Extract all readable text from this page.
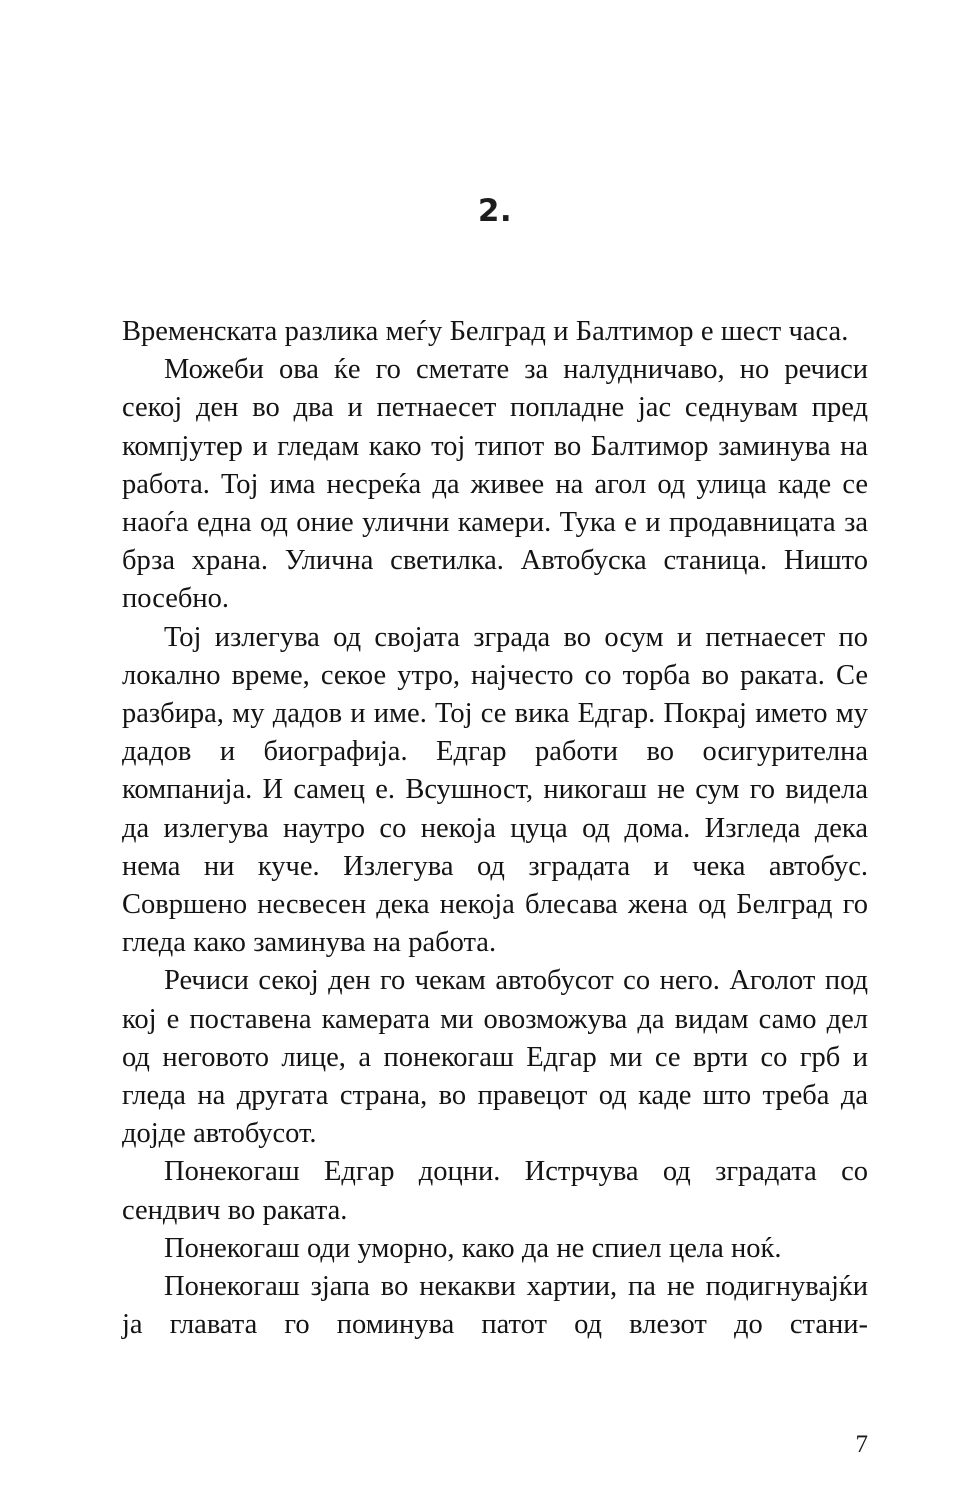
2.

Временската разлика меѓу Белград и Балтимор е шест часа.

Можеби ова ќе го сметате за налудничаво, но речиси секој ден во два и петнаесет попладне јас седнувам пред компјутер и гледам како тој типот во Балтимор заминува на работа. Тој има несреќа да живее на агол од улица каде се наоѓа една од оние улични камери. Тука е и продавницата за брза храна. Улична светилка. Автобуска станица. Ништо посебно.

Тој излегува од својата зграда во осум и петнаесет по локално време, секое утро, најчесто со торба во раката. Се разбира, му дадов и име. Тој се вика Едгар. Покрај името му дадов и биографија. Едгар работи во осигурителна компанија. И самец е. Всушност, никогаш не сум го видела да излегува наутро со некоја цуца од дома. Изгледа дека нема ни куче. Излегува од зградата и чека автобус. Совршено несвесен дека некоја блесава жена од Белград го гледа како заминува на работа.

Речиси секој ден го чекам автобусот со него. Аголот под кој е поставена камерата ми овозможува да видам само дел од неговото лице, а понекогаш Едгар ми се врти со грб и гледа на другата страна, во правецот од каде што треба да дојде автобусот.

Понекогаш Едгар доцни. Истрчува од зградата со сендвич во раката.

Понекогаш оди уморно, како да не спиел цела ноќ.

Понекогаш зјапа во некакви хартии, па не подигнувајќи ја главата го поминува патот од влезот до стани-

7
